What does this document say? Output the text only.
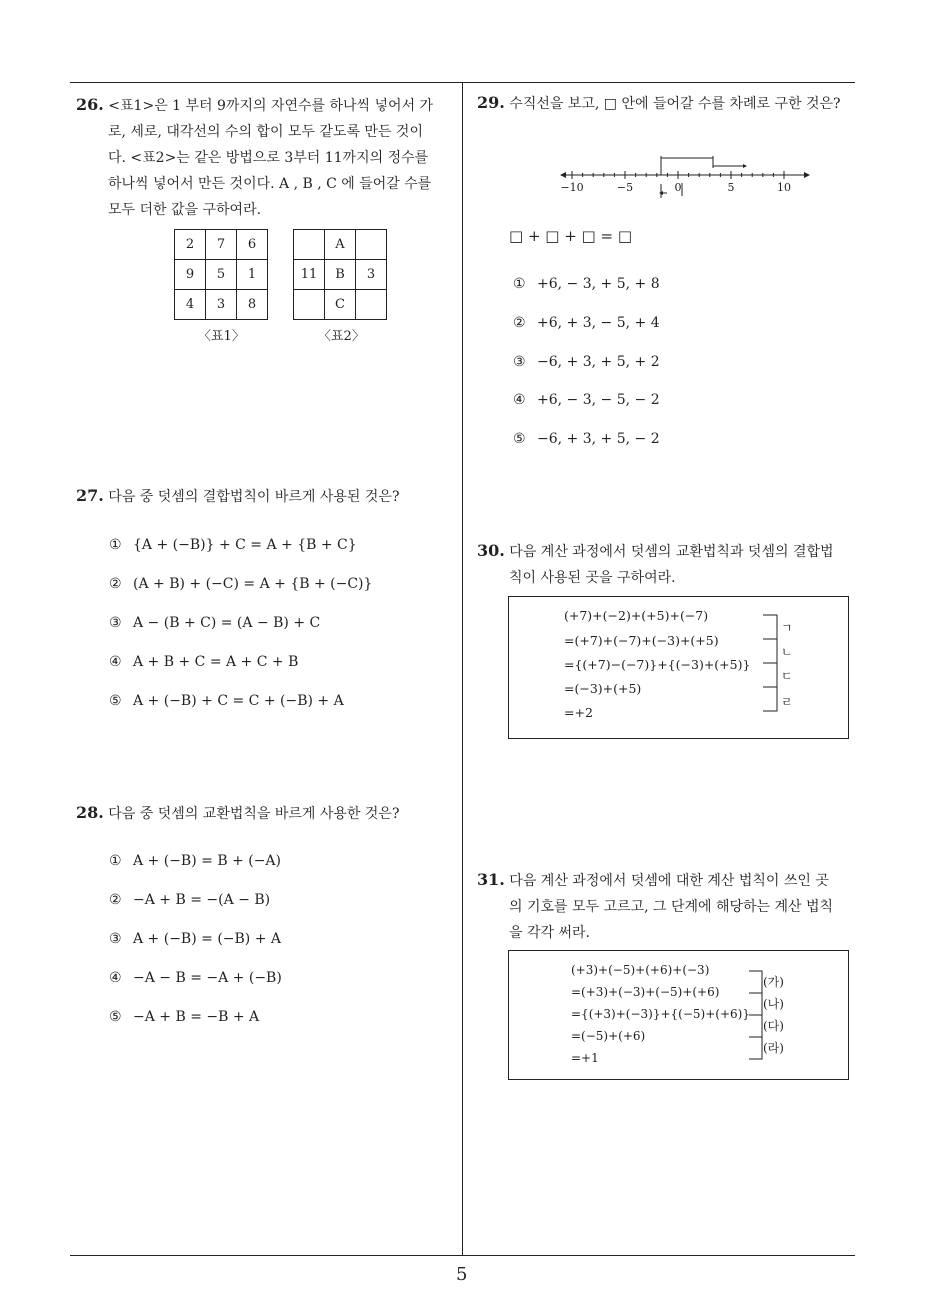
26. <표1>은 1 부터 9까지의 자연수를 하나씩 넣어서 가
로, 세로, 대각선의 수의 합이 모두 같도록 만든 것이
다. <표2>는 같은 방법으로 3부터 11까지의 정수를
하나씩 넣어서 만든 것이다. A , B , C 에 들어갈 수를
모두 더한 값을 구하여라.
2	7	6
9	5	1
4	3	8
〈표1〉
	A	
11	B	3
	C	
〈표2〉
27. 다음 중 덧셈의 결합법칙이 바르게 사용된 것은?
① {A + (−B)} + C = A + {B + C}
② (A + B) + (−C) = A + {B + (−C)}
③ A − (B + C) = (A − B) + C
④ A + B + C = A + C + B
⑤ A + (−B) + C = C + (−B) + A
28. 다음 중 덧셈의 교환법칙을 바르게 사용한 것은?
① A + (−B) = B + (−A)
② −A + B = −(A − B)
③ A + (−B) = (−B) + A
④ −A − B = −A + (−B)
⑤ −A + B = −B + A
29. 수직선을 보고, □ 안에 들어갈 수를 차례로 구한 것은?
−10	−5	0	5	10
□ + □ + □ = □
① +6, − 3, + 5, + 8
② +6, + 3, − 5, + 4
③ −6, + 3, + 5, + 2
④ +6, − 3, − 5, − 2
⑤ −6, + 3, + 5, − 2
30. 다음 계산 과정에서 덧셈의 교환법칙과 덧셈의 결합법
칙이 사용된 곳을 구하여라.
(+7)+(−2)+(+5)+(−7)
=(+7)+(−7)+(−3)+(+5)
={(+7)−(−7)}+{(−3)+(+5)}
=(−3)+(+5)
=+2
ㄱ
ㄴ
ㄷ
ㄹ
31. 다음 계산 과정에서 덧셈에 대한 계산 법칙이 쓰인 곳
의 기호를 모두 고르고, 그 단계에 해당하는 계산 법칙
을 각각 써라.
(+3)+(−5)+(+6)+(−3)
=(+3)+(−3)+(−5)+(+6)
={(+3)+(−3)}+{(−5)+(+6)}
=(−5)+(+6)
=+1
(가)
(나)
(다)
(라)
5
